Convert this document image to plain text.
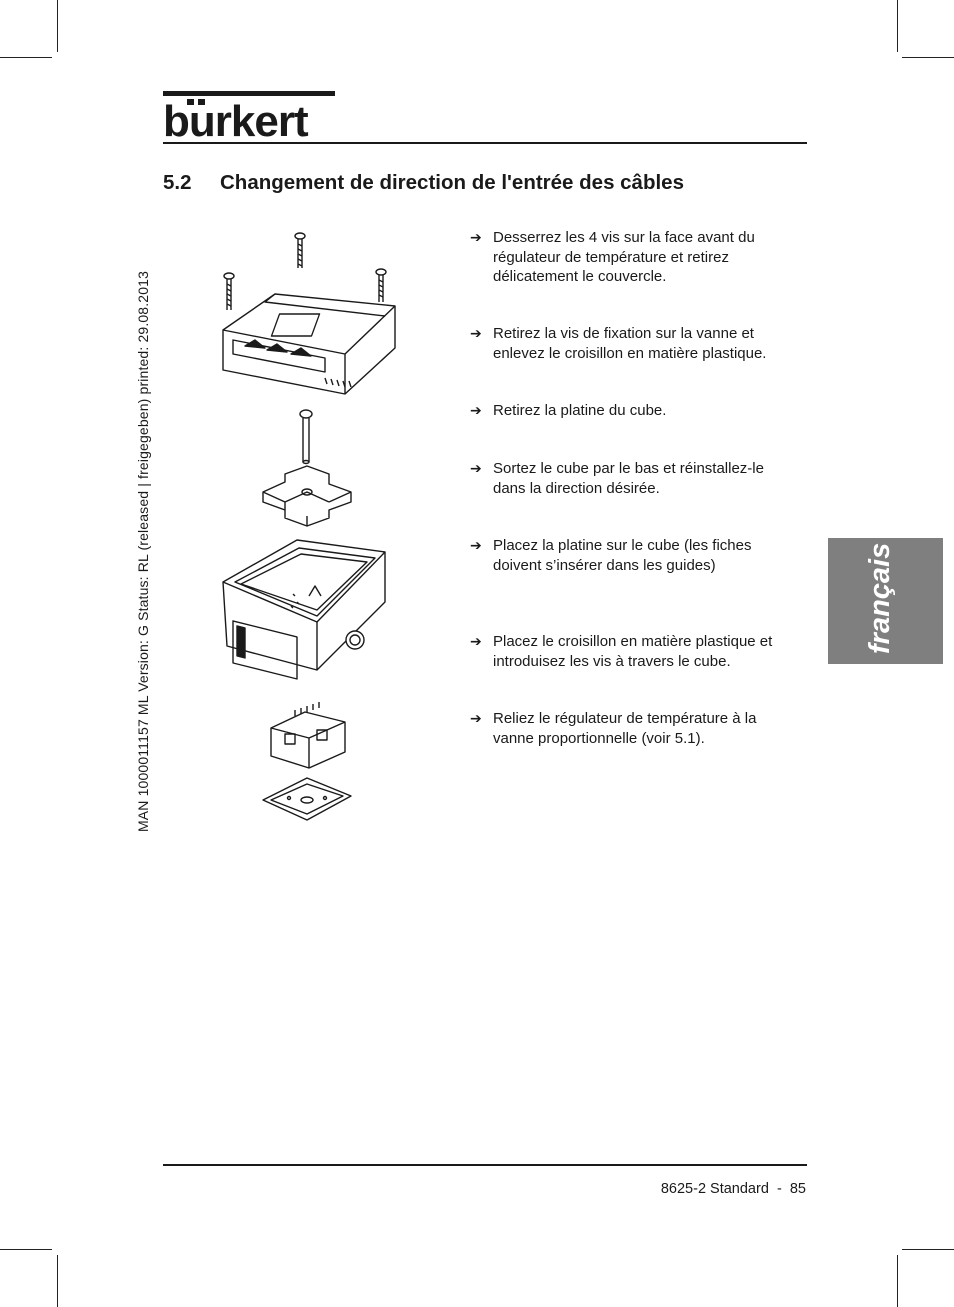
burkert
5.2 Changement de direction de l'entrée des câbles
MAN 1000011157 ML Version: G Status: RL (released | freigegeben) printed: 29.08.2013	français
➔ Desserrez les 4 vis sur la face avant du régulateur de température et retirez délicatement le couvercle.
➔ Retirez la vis de fixation sur la vanne et enlevez le croisillon en matière plastique.
➔ Retirez la platine du cube.
➔ Sortez le cube par le bas et réinstallez-le dans la direction désirée.
➔ Placez la platine sur le cube (les fiches doivent s’insérer dans les guides)
➔ Placez le croisillon en matière plastique et introduisez les vis à travers le cube.
➔ Reliez le régulateur de température à la vanne proportionnelle (voir 5.1).
8625-2 Standard - 85
